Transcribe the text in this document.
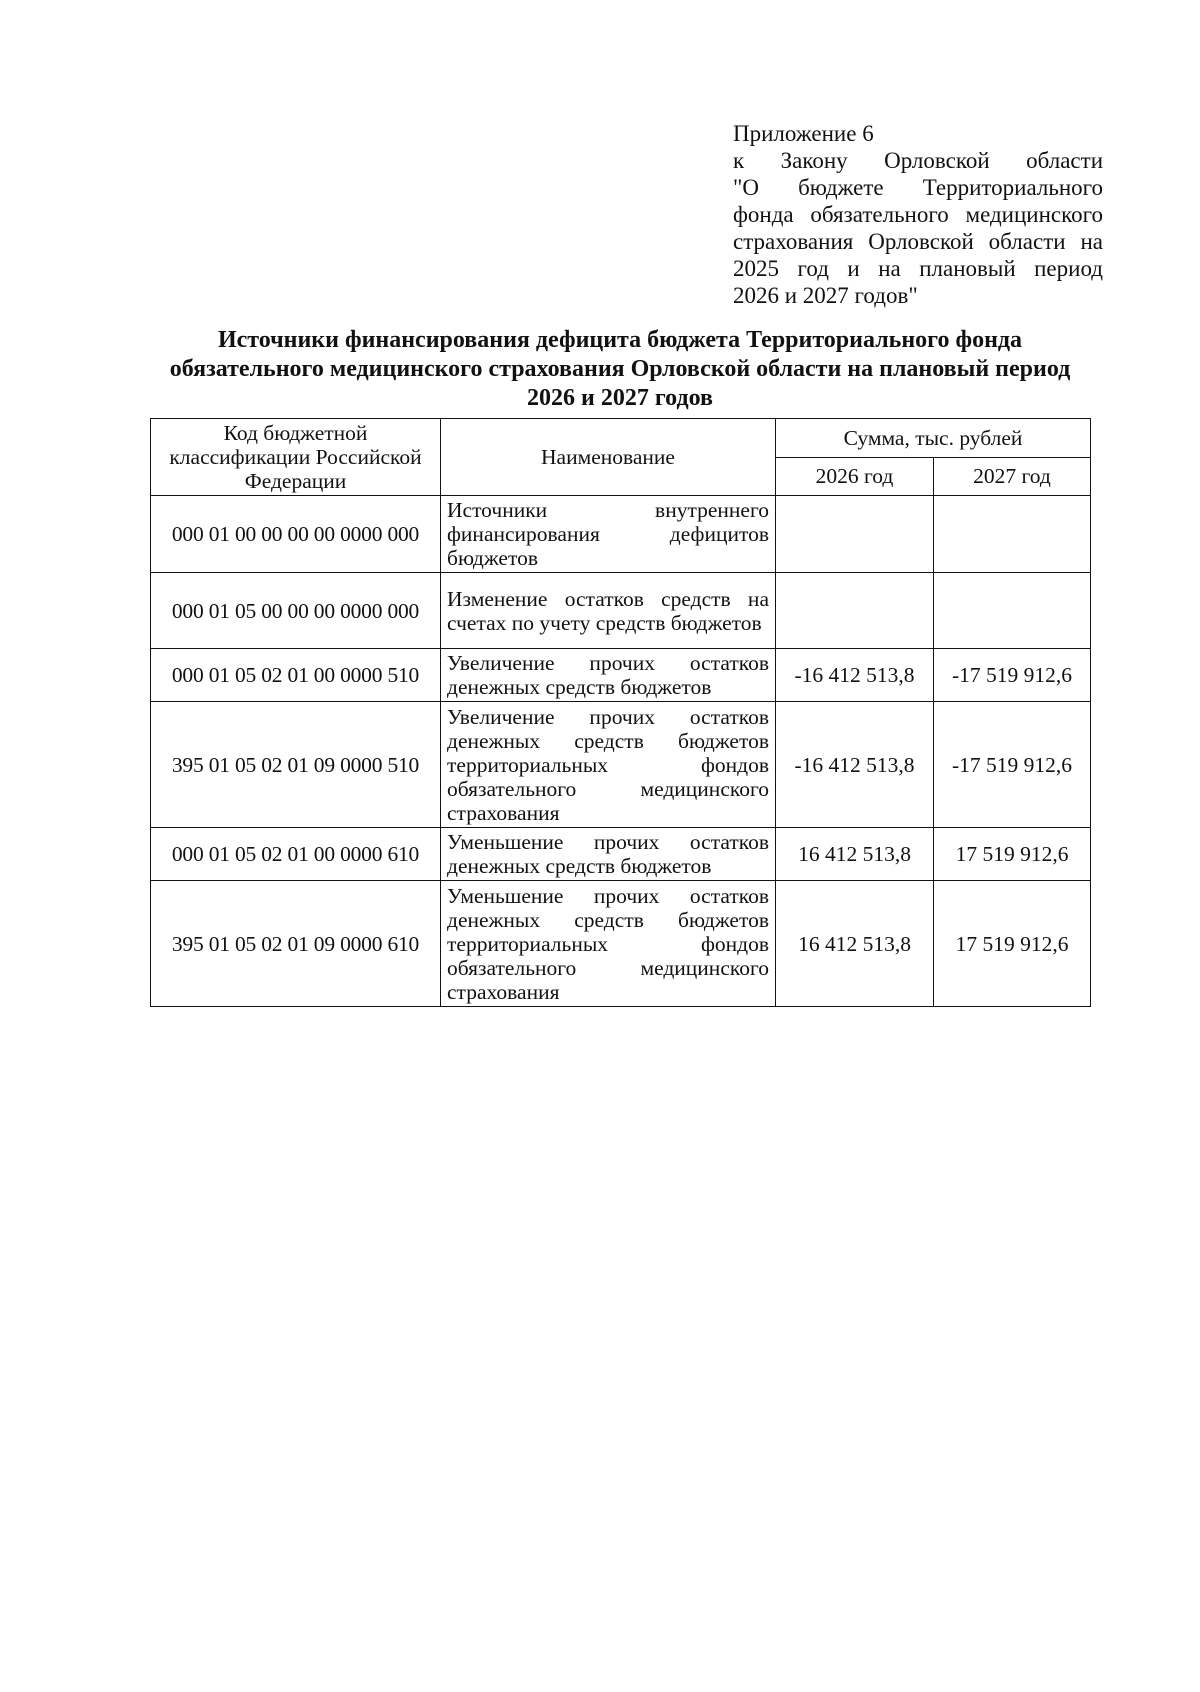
Приложение 6
к Закону Орловской области
"О бюджете Территориального
фонда обязательного медицинского
страхования Орловской области на
2025 год и на плановый период
2026 и 2027 годов"
Источники финансирования дефицита бюджета Территориального фонда обязательного медицинского страхования Орловской области на плановый период 2026 и 2027 годов
Код бюджетной классификации Российской Федерации	Наименование	Сумма, тыс. рублей	
		2026 год	2027 год
000 01 00 00 00 00 0000 000	Источники внутреннего финансирования дефицитов бюджетов		
000 01 05 00 00 00 0000 000	Изменение остатков средств на счетах по учету средств бюджетов		
000 01 05 02 01 00 0000 510	Увеличение прочих остатков денежных средств бюджетов	-16 412 513,8	-17 519 912,6
395 01 05 02 01 09 0000 510	Увеличение прочих остатков денежных средств бюджетов территориальных фондов обязательного медицинского страхования	-16 412 513,8	-17 519 912,6
000 01 05 02 01 00 0000 610	Уменьшение прочих остатков денежных средств бюджетов	16 412 513,8	17 519 912,6
395 01 05 02 01 09 0000 610	Уменьшение прочих остатков денежных средств бюджетов территориальных фондов обязательного медицинского страхования	16 412 513,8	17 519 912,6
